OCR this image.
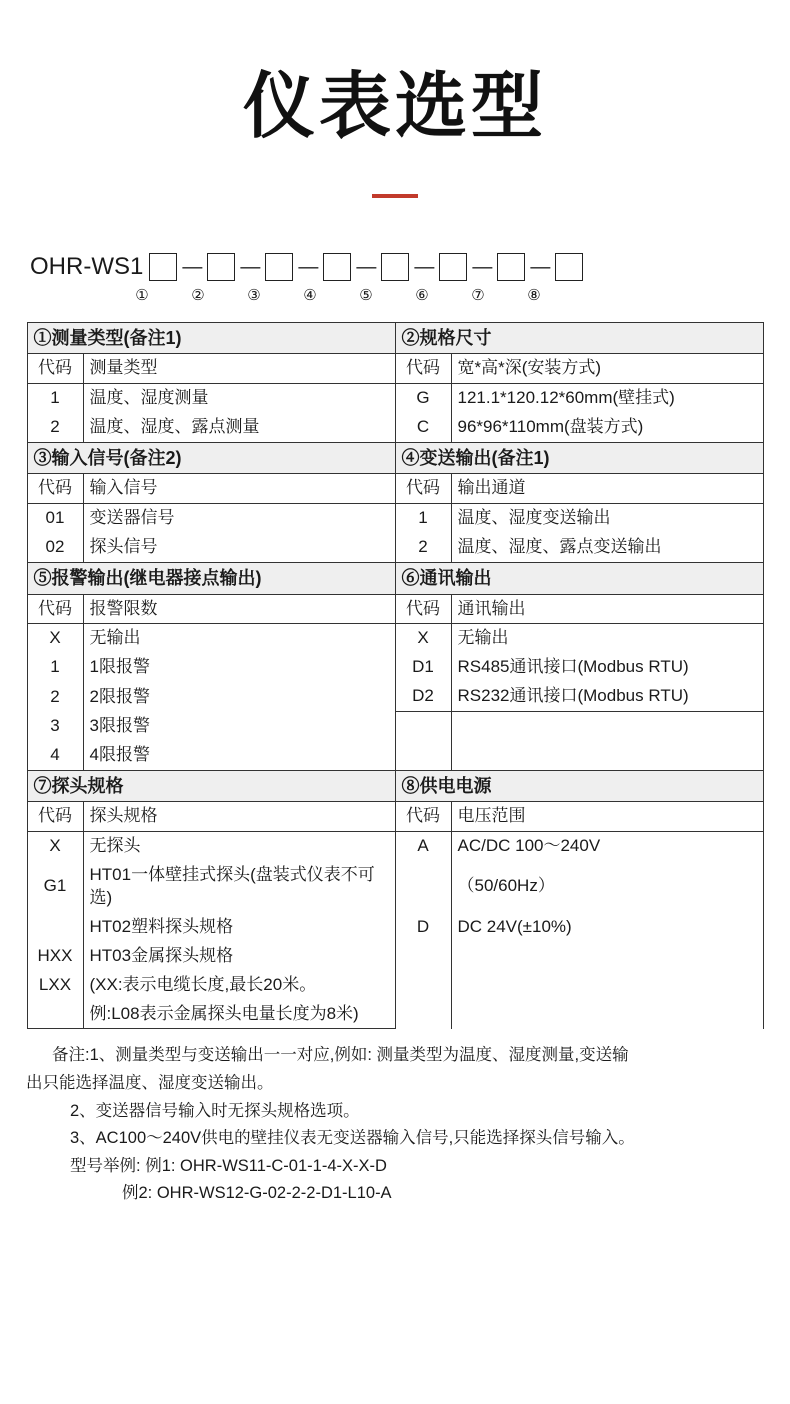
仪表选型
OHR-WS1 — — — — — — —
①	②	③	④	⑤	⑥	⑦	⑧
①测量类型(备注1)		②规格尺寸	
代码	测量类型	代码	宽*高*深(安装方式)
1	温度、湿度测量	G	121.1*120.12*60mm(壁挂式)
2	温度、湿度、露点测量	C	96*96*110mm(盘装方式)
③输入信号(备注2)		④变送输出(备注1)	
代码	输入信号	代码	输出通道
01	变送器信号	1	温度、湿度变送输出
02	探头信号	2	温度、湿度、露点变送输出
⑤报警输出(继电器接点输出)		⑥通讯输出	
代码	报警限数	代码	通讯输出
X	无输出	X	无输出
1	1限报警	D1	RS485通讯接口(Modbus RTU)
2	2限报警	D2	RS232通讯接口(Modbus RTU)
3	3限报警		
4	4限报警		
⑦探头规格		⑧供电电源	
代码	探头规格	代码	电压范围
X	无探头	A	AC/DC 100～240V
G1	HT01一体壁挂式探头(盘装式仪表不可选)		（50/60Hz）
	HT02塑料探头规格	D	DC 24V(±10%)
HXX	HT03金属探头规格		
LXX	(XX:表示电缆长度,最长20米。		
	例:L08表示金属探头电量长度为8米)		

备注:1、测量类型与变送输出一一对应,例如: 测量类型为温度、湿度测量,变送输

出只能选择温度、湿度变送输出。

2、变送器信号输入时无探头规格选项。

3、AC100～240V供电的壁挂仪表无变送器输入信号,只能选择探头信号输入。

型号举例: 例1: OHR-WS11-C-01-1-4-X-X-D

例2: OHR-WS12-G-02-2-2-D1-L10-A
